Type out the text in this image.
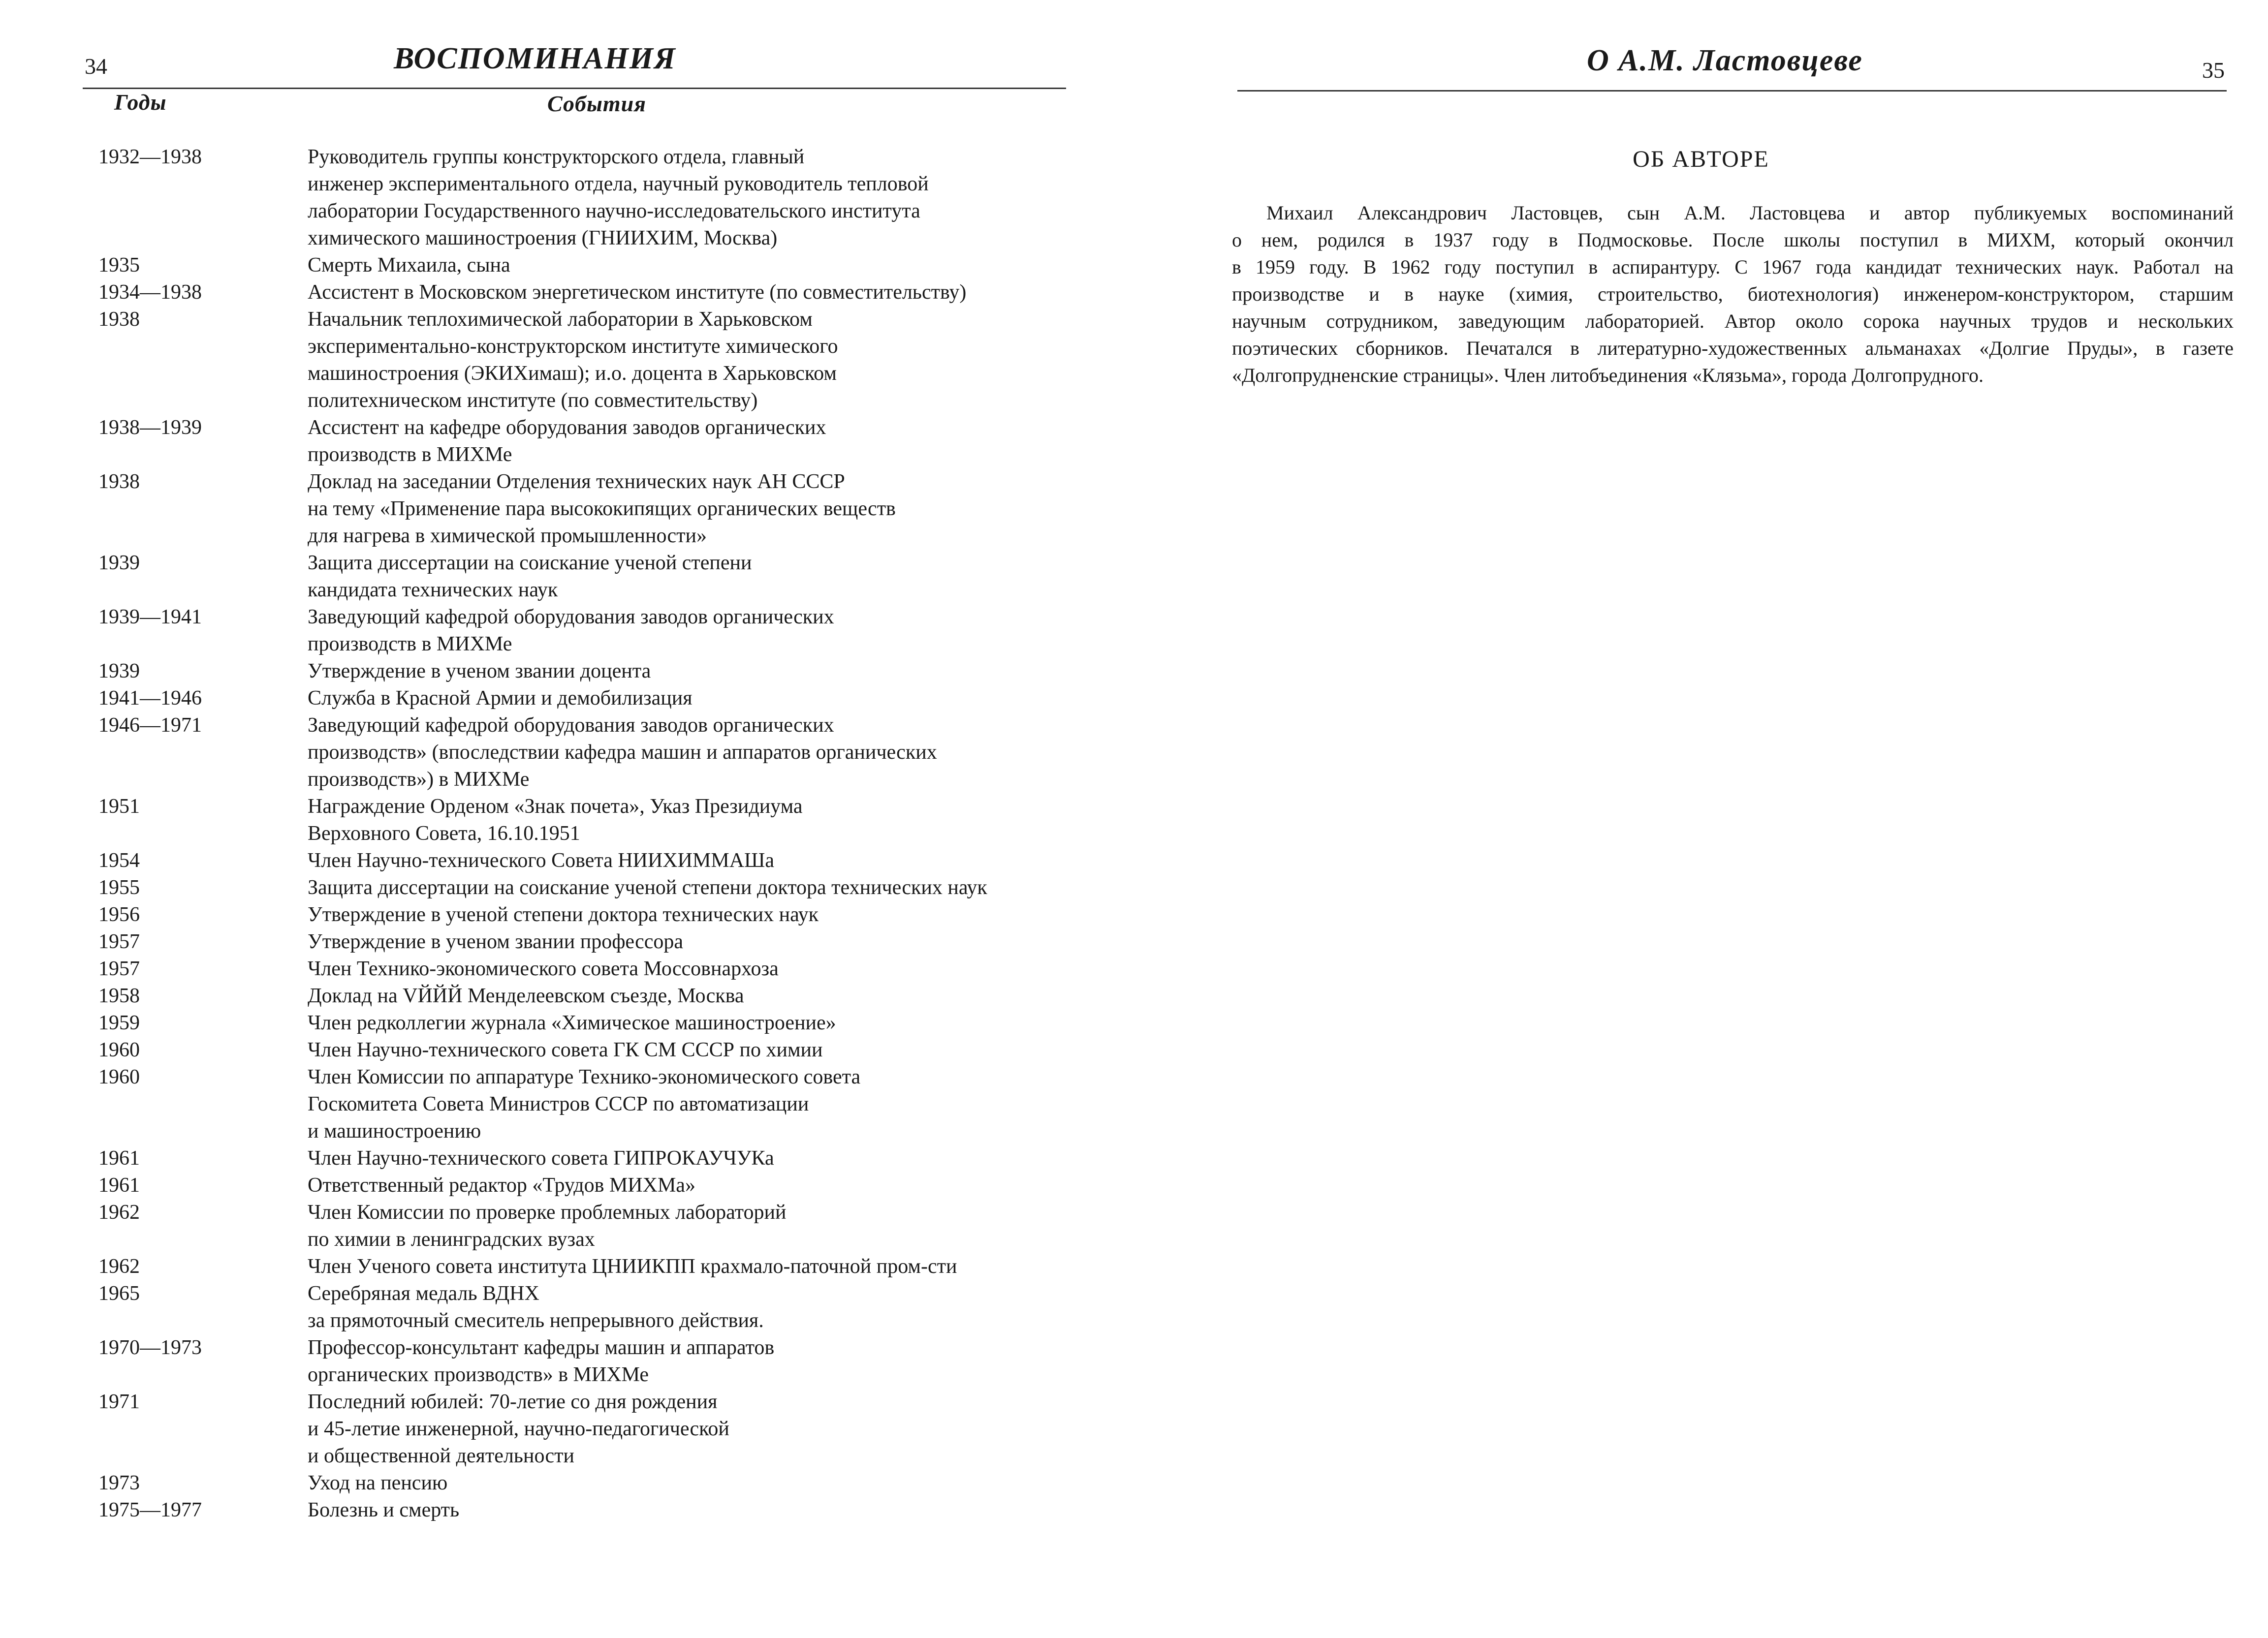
34	ВОСПОМИНАНИЯ
Годы	События
1932—1938	Руководитель группы конструкторского отдела, главный
инженер экспериментального отдела, научный руководитель тепловой
лаборатории Государственного научно-исследовательского института
химического машиностроения (ГНИИХИМ, Москва)
1935	Смерть Михаила, сына
1934—1938	Ассистент в Московском энергетическом институте (по совместительству)
1938	Начальник теплохимической лаборатории в Харьковском
экспериментально-конструкторском институте химического
машиностроения (ЭКИХимаш); и.о. доцента в Харьковском
политехническом институте (по совместительству)
1938—1939	Ассистент на кафедре оборудования заводов органических
производств в МИХМе
1938	Доклад на заседании Отделения технических наук АН СССР
на тему «Применение пара высококипящих органических веществ
для нагрева в химической промышленности»
1939	Защита диссертации на соискание ученой степени
кандидата технических наук
1939—1941	Заведующий кафедрой оборудования заводов органических
производств в МИХМе
1939	Утверждение в ученом звании доцента
1941—1946	Служба в Красной Армии и демобилизация
1946—1971	Заведующий кафедрой оборудования заводов органических
производств» (впоследствии кафедра машин и аппаратов органических
производств») в МИХМе
1951	Награждение Орденом «Знак почета», Указ Президиума
Верховного Совета, 16.10.1951
1954	Член Научно-технического Совета НИИХИММАШа
1955	Защита диссертации на соискание ученой степени доктора технических наук
1956	Утверждение в ученой степени доктора технических наук
1957	Утверждение в ученом звании профессора
1957	Член Технико-экономического совета Моссовнархоза
1958	Доклад на VЙЙЙ Менделеевском съезде, Москва
1959	Член редколлегии журнала «Химическое машиностроение»
1960	Член Научно-технического совета ГК СМ СССР по химии
1960	Член Комиссии по аппаратуре Технико-экономического совета
Госкомитета Совета Министров СССР по автоматизации
и машиностроению
1961	Член Научно-технического совета ГИПРОКАУЧУКа
1961	Ответственный редактор «Трудов МИХМа»
1962	Член Комиссии по проверке проблемных лабораторий
по химии в ленинградских вузах
1962	Член Ученого совета института ЦНИИКПП крахмало-паточной пром-сти
1965	Серебряная медаль ВДНХ
за прямоточный смеситель непрерывного действия.
1970—1973	Профессор-консультант кафедры машин и аппаратов
органических производств» в МИХМе
1971	Последний юбилей: 70-летие со дня рождения
и 45-летие инженерной, научно-педагогической
и общественной деятельности
1973	Уход на пенсию
1975—1977	Болезнь и смерть
О А.М. Ластовцеве	35
ОБ АВТОРЕ
Михаил Александрович Ластовцев, сын А.М. Ластовцева и автор публикуемых воспоминаний
о нем, родился в 1937 году в Подмосковье. После школы поступил в МИХМ, который окончил
в 1959 году. В 1962 году поступил в аспирантуру. С 1967 года кандидат технических наук. Работал на
производстве и в науке (химия, строительство, биотехнология) инженером-конструктором, старшим
научным сотрудником, заведующим лабораторией. Автор около сорока научных трудов и нескольких
поэтических сборников. Печатался в литературно-художественных альманахах «Долгие Пруды», в газете
«Долгопрудненские страницы». Член литобъединения «Клязьма», города Долгопрудного.
